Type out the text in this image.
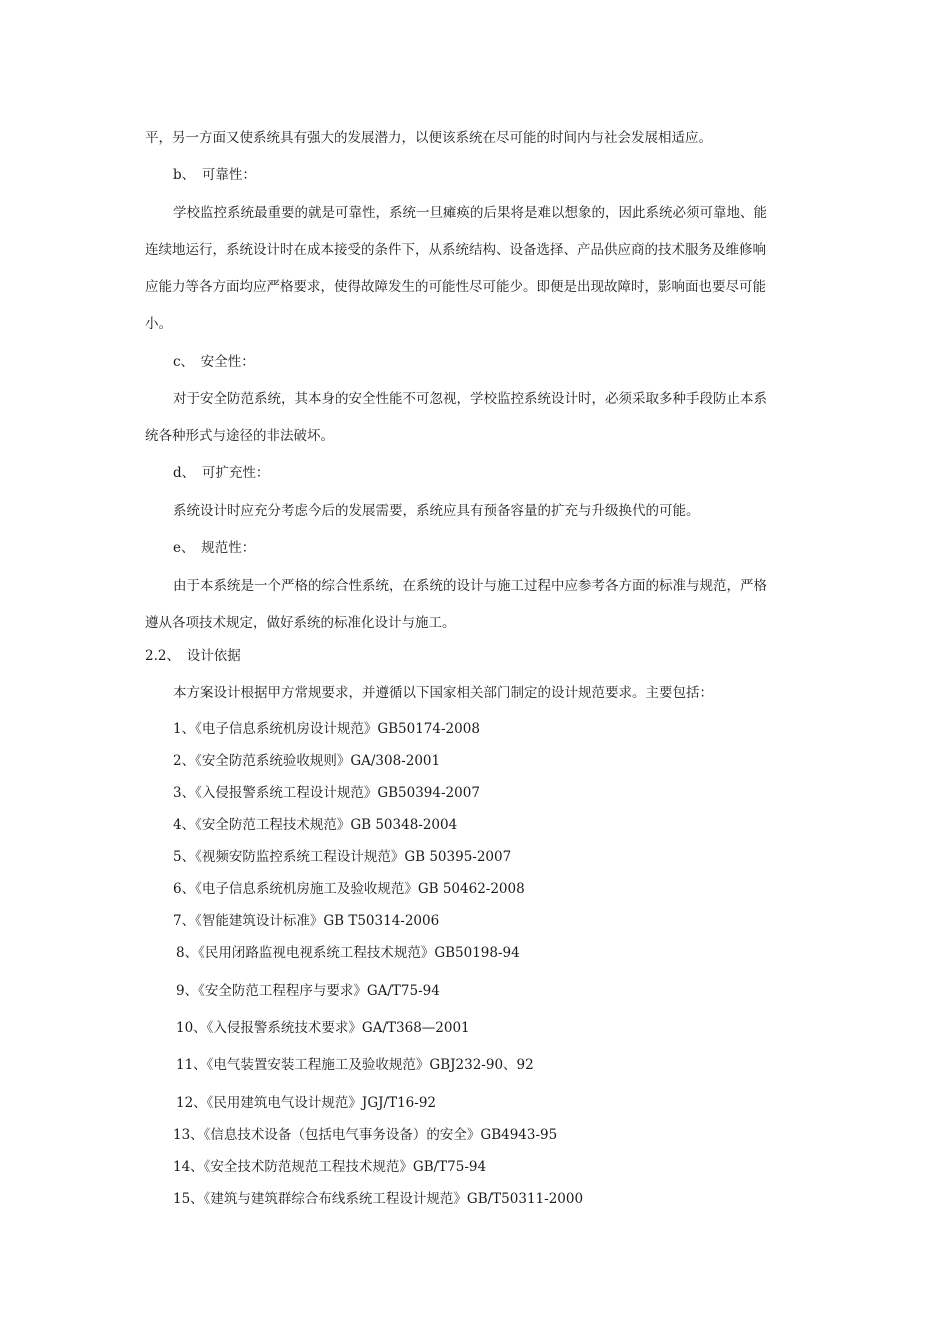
平，另一方面又使系统具有强大的发展潜力，以便该系统在尽可能的时间内与社会发展相适应。
b、　可靠性：
学校监控系统最重要的就是可靠性，系统一旦瘫痪的后果将是难以想象的，因此系统必须可靠地、能
连续地运行，系统设计时在成本接受的条件下，从系统结构、设备选择、产品供应商的技术服务及维修响
应能力等各方面均应严格要求，使得故障发生的可能性尽可能少。即便是出现故障时，影响面也要尽可能
小。
c、　安全性：
对于安全防范系统，其本身的安全性能不可忽视，学校监控系统设计时，必须采取多种手段防止本系
统各种形式与途径的非法破坏。
d、　可扩充性：
系统设计时应充分考虑今后的发展需要，系统应具有预备容量的扩充与升级换代的可能。
e、　规范性：
由于本系统是一个严格的综合性系统，在系统的设计与施工过程中应参考各方面的标准与规范，严格
遵从各项技术规定，做好系统的标准化设计与施工。
2.2、　设计依据
本方案设计根据甲方常规要求，并遵循以下国家相关部门制定的设计规范要求。主要包括：
1、《电子信息系统机房设计规范》GB50174-2008
2、《安全防范系统验收规则》GA/308-2001
3、《入侵报警系统工程设计规范》GB50394-2007
4、《安全防范工程技术规范》GB 50348-2004
5、《视频安防监控系统工程设计规范》GB 50395-2007
6、《电子信息系统机房施工及验收规范》GB 50462-2008
7、《智能建筑设计标准》GB T50314-2006
8、《民用闭路监视电视系统工程技术规范》GB50198-94
9、《安全防范工程程序与要求》GA/T75-94
10、《入侵报警系统技术要求》GA/T368—2001
11、《电气装置安装工程施工及验收规范》GBJ232-90、92
12、《民用建筑电气设计规范》JGJ/T16-92
13、《信息技术设备（包括电气事务设备）的安全》GB4943-95
14、《安全技术防范规范工程技术规范》GB/T75-94
15、《建筑与建筑群综合布线系统工程设计规范》GB/T50311-2000
